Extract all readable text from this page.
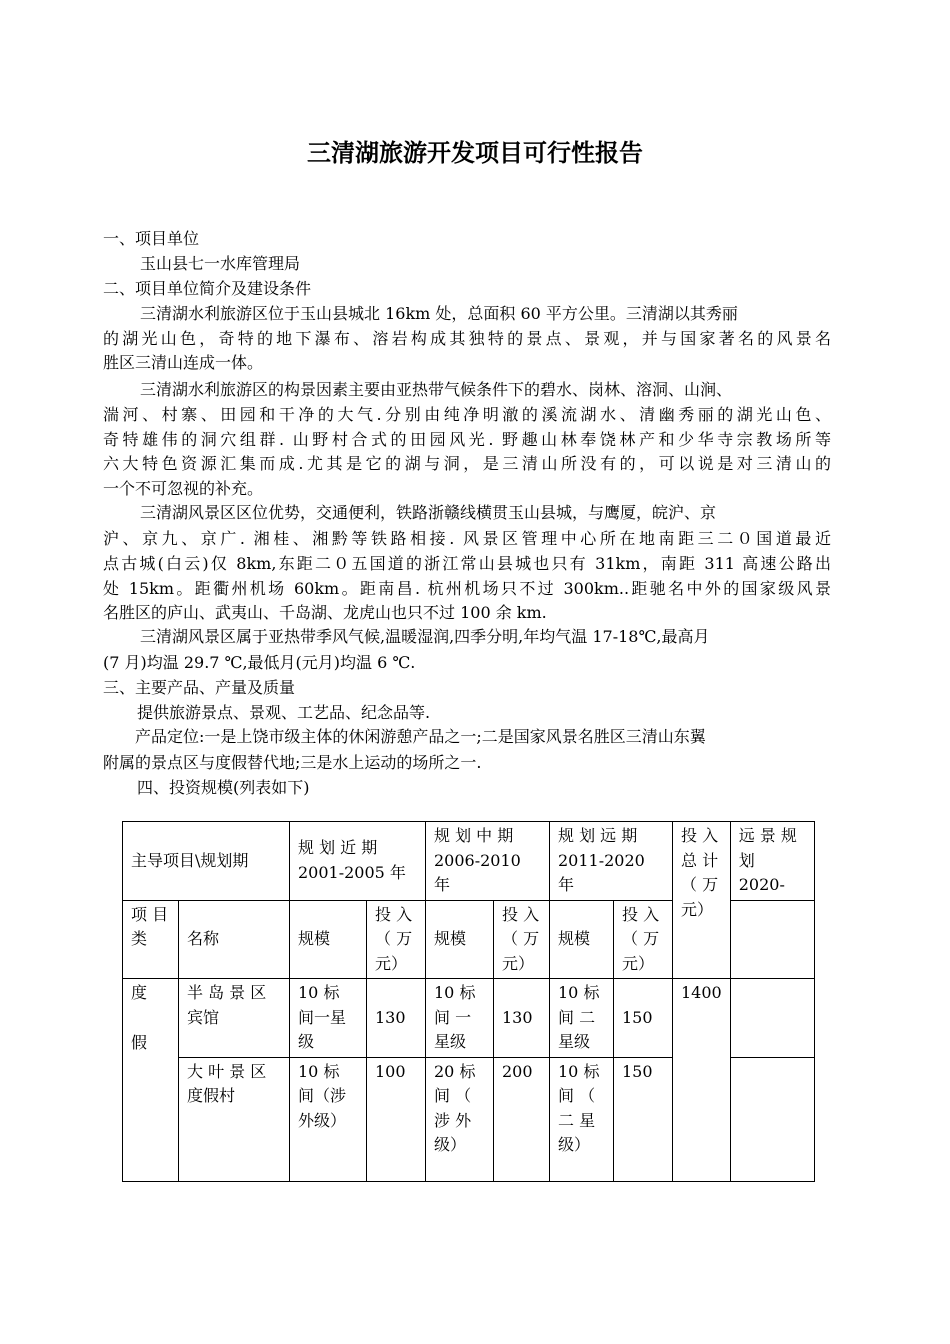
三清湖旅游开发项目可行性报告
一、项目单位
玉山县七一水库管理局
二、项目单位简介及建设条件
三清湖水利旅游区位于玉山县城北 16km 处，总面积 60 平方公里。三清湖以其秀丽
的湖光山色，奇特的地下瀑布、溶岩构成其独特的景点、景观，并与国家著名的风景名
胜区三清山连成一体。
三清湖水利旅游区的构景因素主要由亚热带气候条件下的碧水、岗林、溶洞、山涧、
湍河、村寨、田园和干净的大气.分别由纯净明澈的溪流湖水、清幽秀丽的湖光山色、
奇特雄伟的洞穴组群. 山野村合式的田园风光. 野趣山林奉饶林产和少华寺宗教场所等
六大特色资源汇集而成.尤其是它的湖与洞，是三清山所没有的，可以说是对三清山的
一个不可忽视的补充。
三清湖风景区区位优势，交通便利，铁路浙赣线横贯玉山县城，与鹰厦，皖沪、京
沪、京九、京广. 湘桂、湘黔等铁路相接. 风景区管理中心所在地南距三二０国道最近
点古城(白云)仅 8km,东距二０五国道的浙江常山县城也只有 31km，南距 311 高速公路出
处 15km。距衢州机场 60km。距南昌. 杭州机场只不过 300km..距驰名中外的国家级风景
名胜区的庐山、武夷山、千岛湖、龙虎山也只不过 100 余 km.
三清湖风景区属于亚热带季风气候,温暖湿润,四季分明,年均气温 17-18℃,最高月
(7 月)均温 29.7 ℃,最低月(元月)均温 6 ℃.
三、主要产品、产量及质量
提供旅游景点、景观、工艺品、纪念品等.
产品定位:一是上饶市级主体的休闲游憩产品之一;二是国家风景名胜区三清山东翼
附属的景点区与度假替代地;三是水上运动的场所之一.
四、投资规模(列表如下)
主导项目\规划期		规 划 近 期 2001-2005 年		规 划 中 期 2006-2010 年		规 划 远 期 2011-2020 年		投 入 总 计 （ 万 元）	远 景 规 划 2020-
项 目 类	名称	规模	投 入（ 万 元）	规模	投 入（ 万 元）	规模	投 入（ 万 元）		

度
假	半 岛 景 区 宾馆	10 标 间一星级	130	10 标 间 一 星级	130	10 标 间 二 星级	150	1400	
	大 叶 景 区 度假村	10 标 间（涉外级）	100	20 标 间 （ 涉 外 级）	200	10 标 间 （ 二 星 级）	150		
